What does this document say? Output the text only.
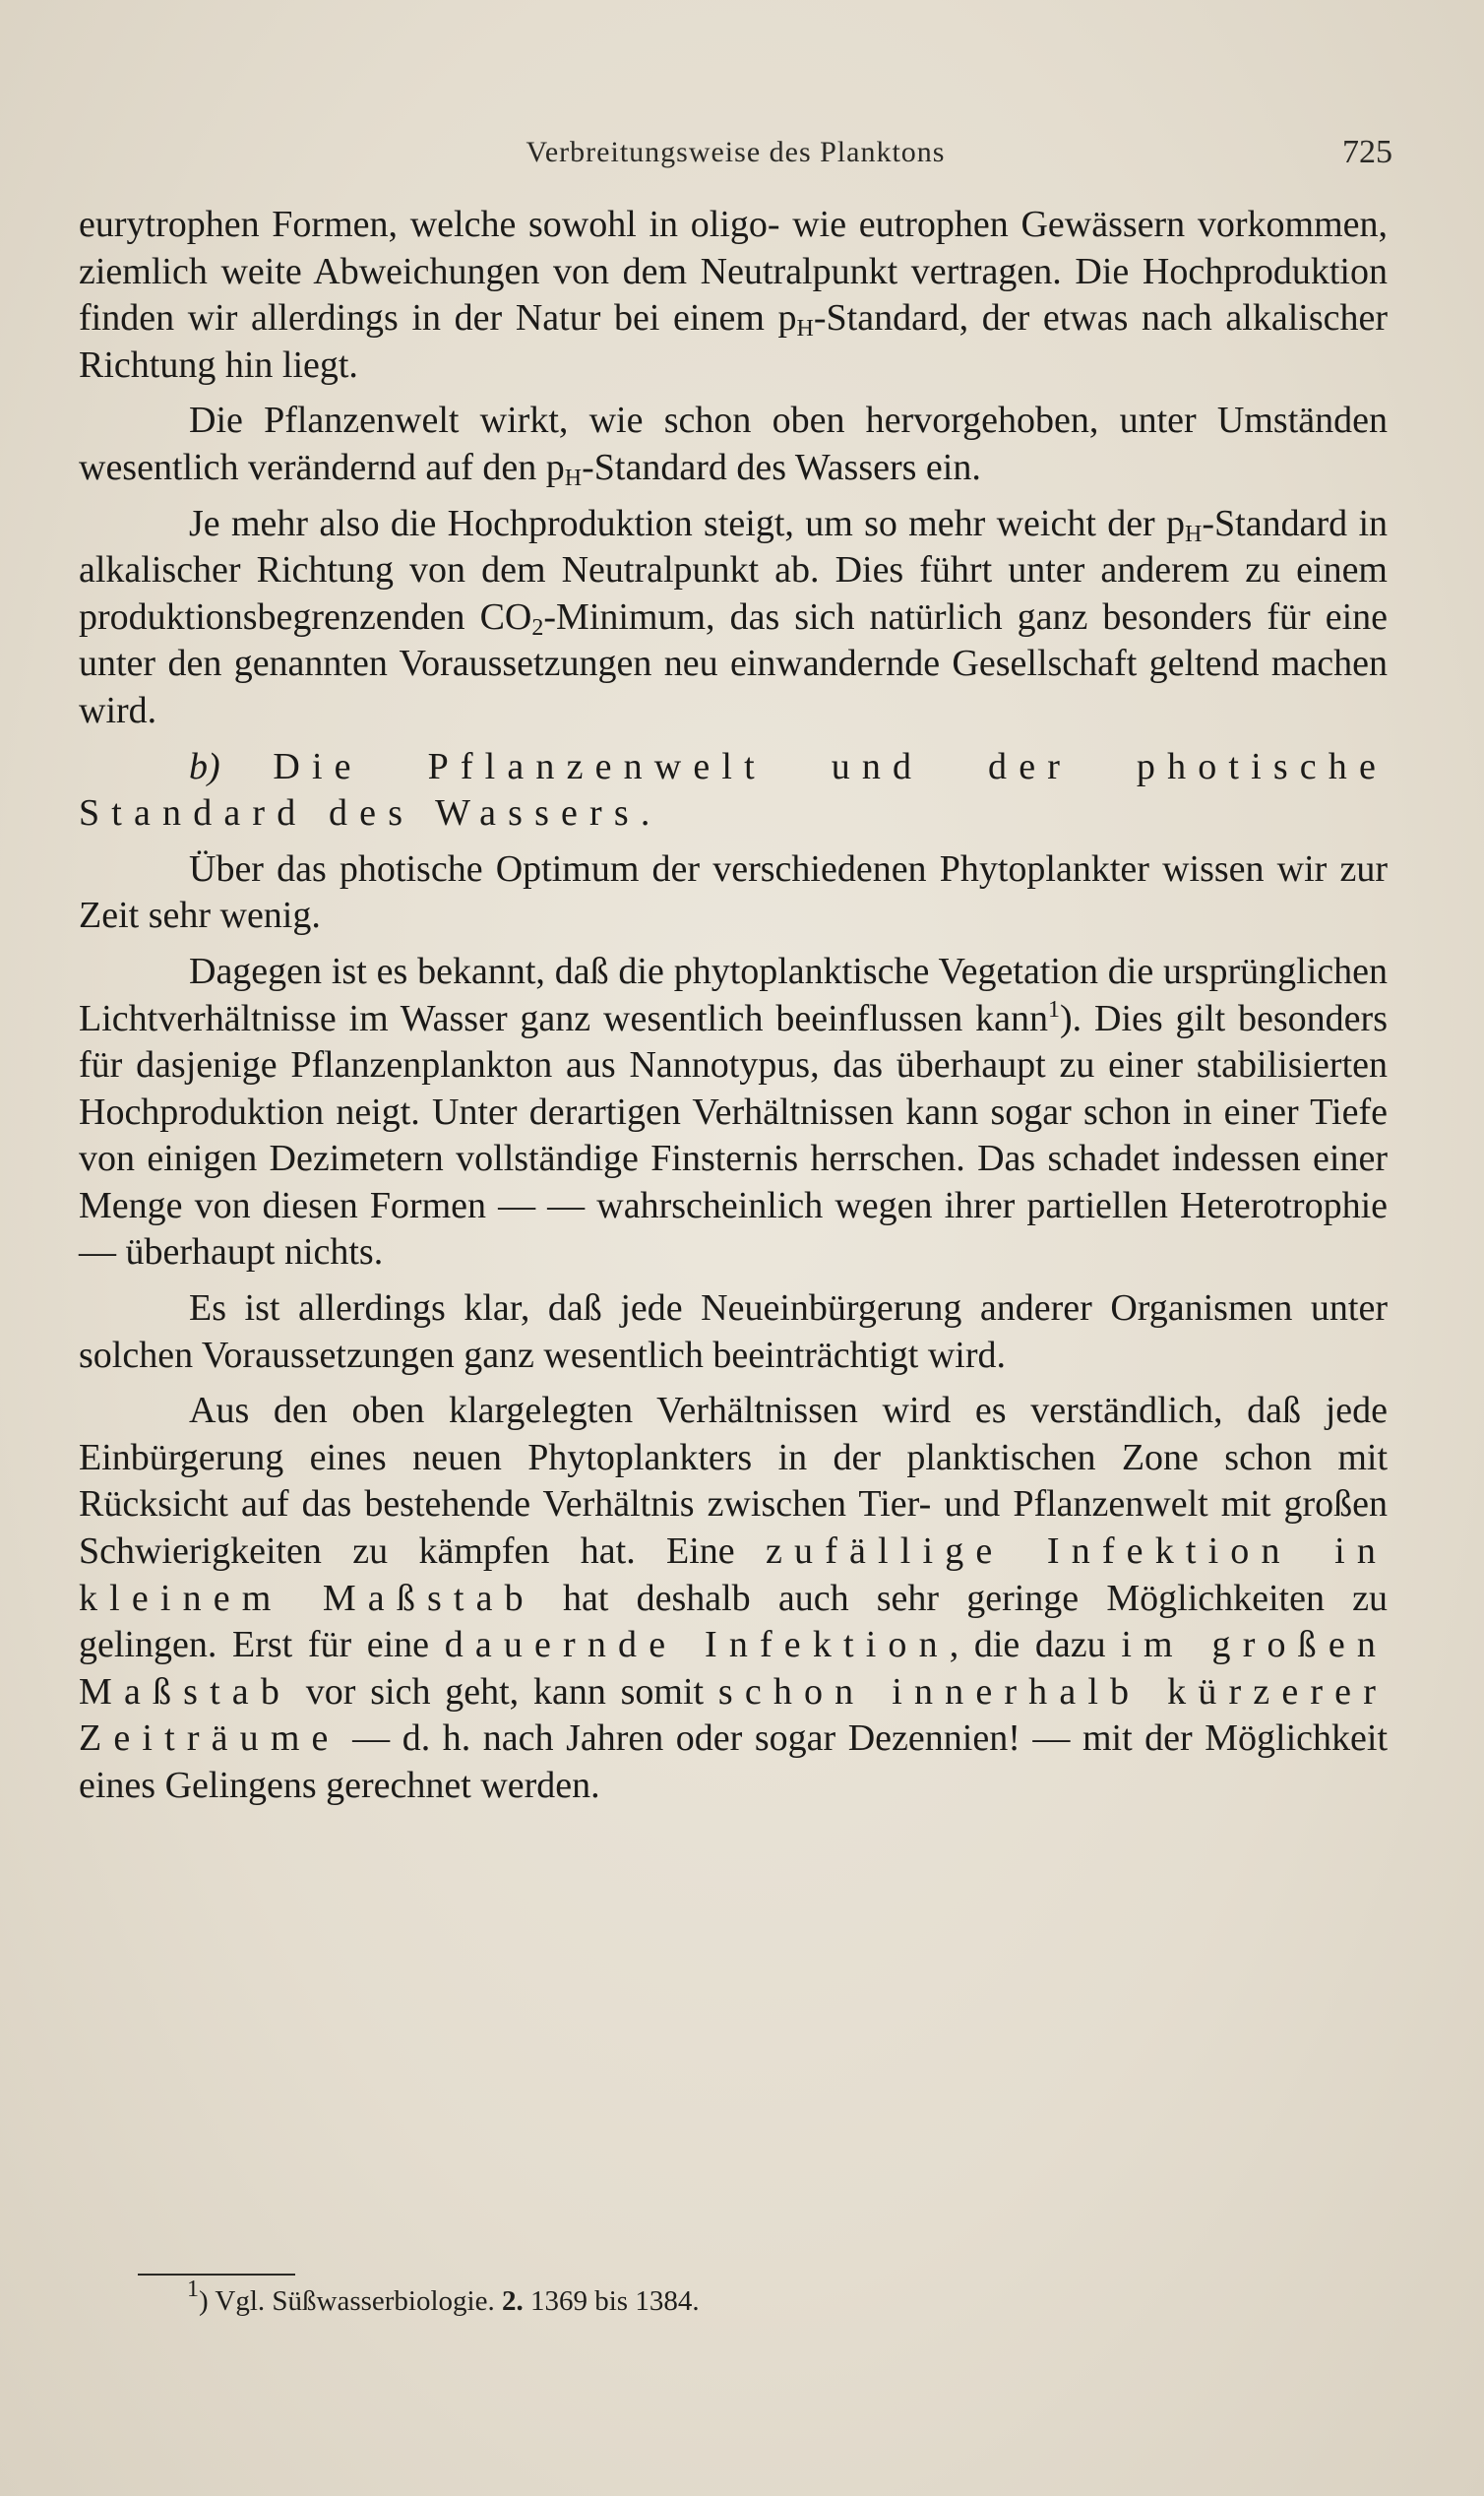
Verbreitungsweise des Planktons	725

eurytrophen Formen, welche sowohl in oligo- wie eutrophen Gewässern vorkommen, ziemlich weite Abweichungen von dem Neutralpunkt vertragen. Die Hochproduktion finden wir allerdings in der Natur bei einem $p_H$-Standard, der etwas nach alkalischer Richtung hin liegt.

Die Pflanzenwelt wirkt, wie schon oben hervorgehoben, unter Umständen wesentlich verändernd auf den $p_H$-Standard des Wassers ein.

Je mehr also die Hochproduktion steigt, um so mehr weicht der $p_H$-Standard in alkalischer Richtung von dem Neutralpunkt ab. Dies führt unter anderem zu einem produktionsbegrenzenden $CO_2$-Minimum, das sich natürlich ganz besonders für eine unter den genannten Voraussetzungen neu einwandernde Gesellschaft geltend machen wird.

b) Die Pflanzenwelt und der photische Standard des Wassers.

Über das photische Optimum der verschiedenen Phytoplankter wissen wir zur Zeit sehr wenig.

Dagegen ist es bekannt, daß die phytoplanktische Vegetation die ursprünglichen Lichtverhältnisse im Wasser ganz wesentlich beeinflussen kann$^1$). Dies gilt besonders für dasjenige Pflanzenplankton aus Nannotypus, das überhaupt zu einer stabilisierten Hochproduktion neigt. Unter derartigen Verhältnissen kann sogar schon in einer Tiefe von einigen Dezimetern vollständige Finsternis herrschen. Das schadet indessen einer Menge von diesen Formen — — wahrscheinlich wegen ihrer partiellen Heterotrophie — überhaupt nichts.

Es ist allerdings klar, daß jede Neueinbürgerung anderer Organismen unter solchen Voraussetzungen ganz wesentlich beeinträchtigt wird.

Aus den oben klargelegten Verhältnissen wird es verständlich, daß jede Einbürgerung eines neuen Phytoplankters in der planktischen Zone schon mit Rücksicht auf das bestehende Verhältnis zwischen Tier- und Pflanzenwelt mit großen Schwierigkeiten zu kämpfen hat. Eine zufällige Infektion in kleinem Maßstab hat deshalb auch sehr geringe Möglichkeiten zu gelingen. Erst für eine dauernde Infektion, die dazu im großen Maßstab vor sich geht, kann somit schon innerhalb kürzerer Zeiträume — d. h. nach Jahren oder sogar Dezennien! — mit der Möglichkeit eines Gelingens gerechnet werden.

$^1$) Vgl. Süßwasserbiologie. 2. 1369 bis 1384.
